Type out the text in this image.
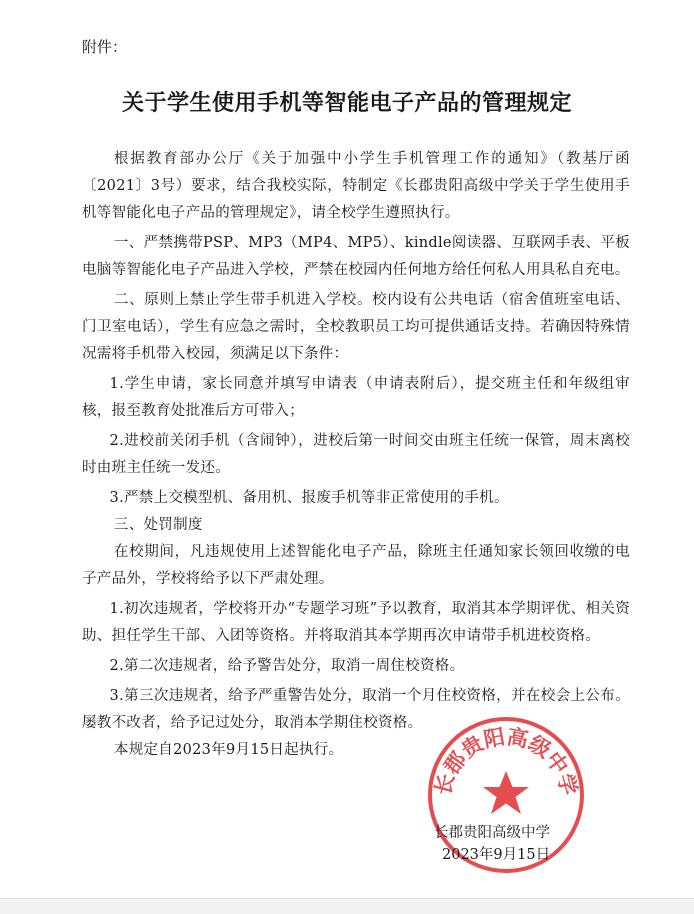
附件：
关于学生使用手机等智能电子产品的管理规定

根据教育部办公厅《关于加强中小学生手机管理工作的通知》（教基厅函〔2021〕3号）要求，结合我校实际，特制定《长郡贵阳高级中学关于学生使用手机等智能化电子产品的管理规定》，请全校学生遵照执行。

一、严禁携带PSP、MP3（MP4、MP5）、kindle阅读器、互联网手表、平板电脑等智能化电子产品进入学校，严禁在校园内任何地方给任何私人用具私自充电。

二、原则上禁止学生带手机进入学校。校内设有公共电话（宿舍值班室电话、门卫室电话），学生有应急之需时，全校教职员工均可提供通话支持。若确因特殊情况需将手机带入校园，须满足以下条件：

1.学生申请，家长同意并填写申请表（申请表附后），提交班主任和年级组审核，报至教育处批准后方可带入；

2.进校前关闭手机（含闹钟），进校后第一时间交由班主任统一保管，周末离校时由班主任统一发还。

3.严禁上交模型机、备用机、报废手机等非正常使用的手机。

三、处罚制度

在校期间，凡违规使用上述智能化电子产品，除班主任通知家长领回收缴的电子产品外，学校将给予以下严肃处理。

1.初次违规者，学校将开办“专题学习班”予以教育，取消其本学期评优、相关资助、担任学生干部、入团等资格。并将取消其本学期再次申请带手机进校资格。

2.第二次违规者，给予警告处分，取消一周住校资格。

3.第三次违规者，给予严重警告处分，取消一个月住校资格，并在校会上公布。屡教不改者，给予记过处分，取消本学期住校资格。

本规定自2023年9月15日起执行。

长郡贵阳高级中学
长郡贵阳高级中学
2023年9月15日
